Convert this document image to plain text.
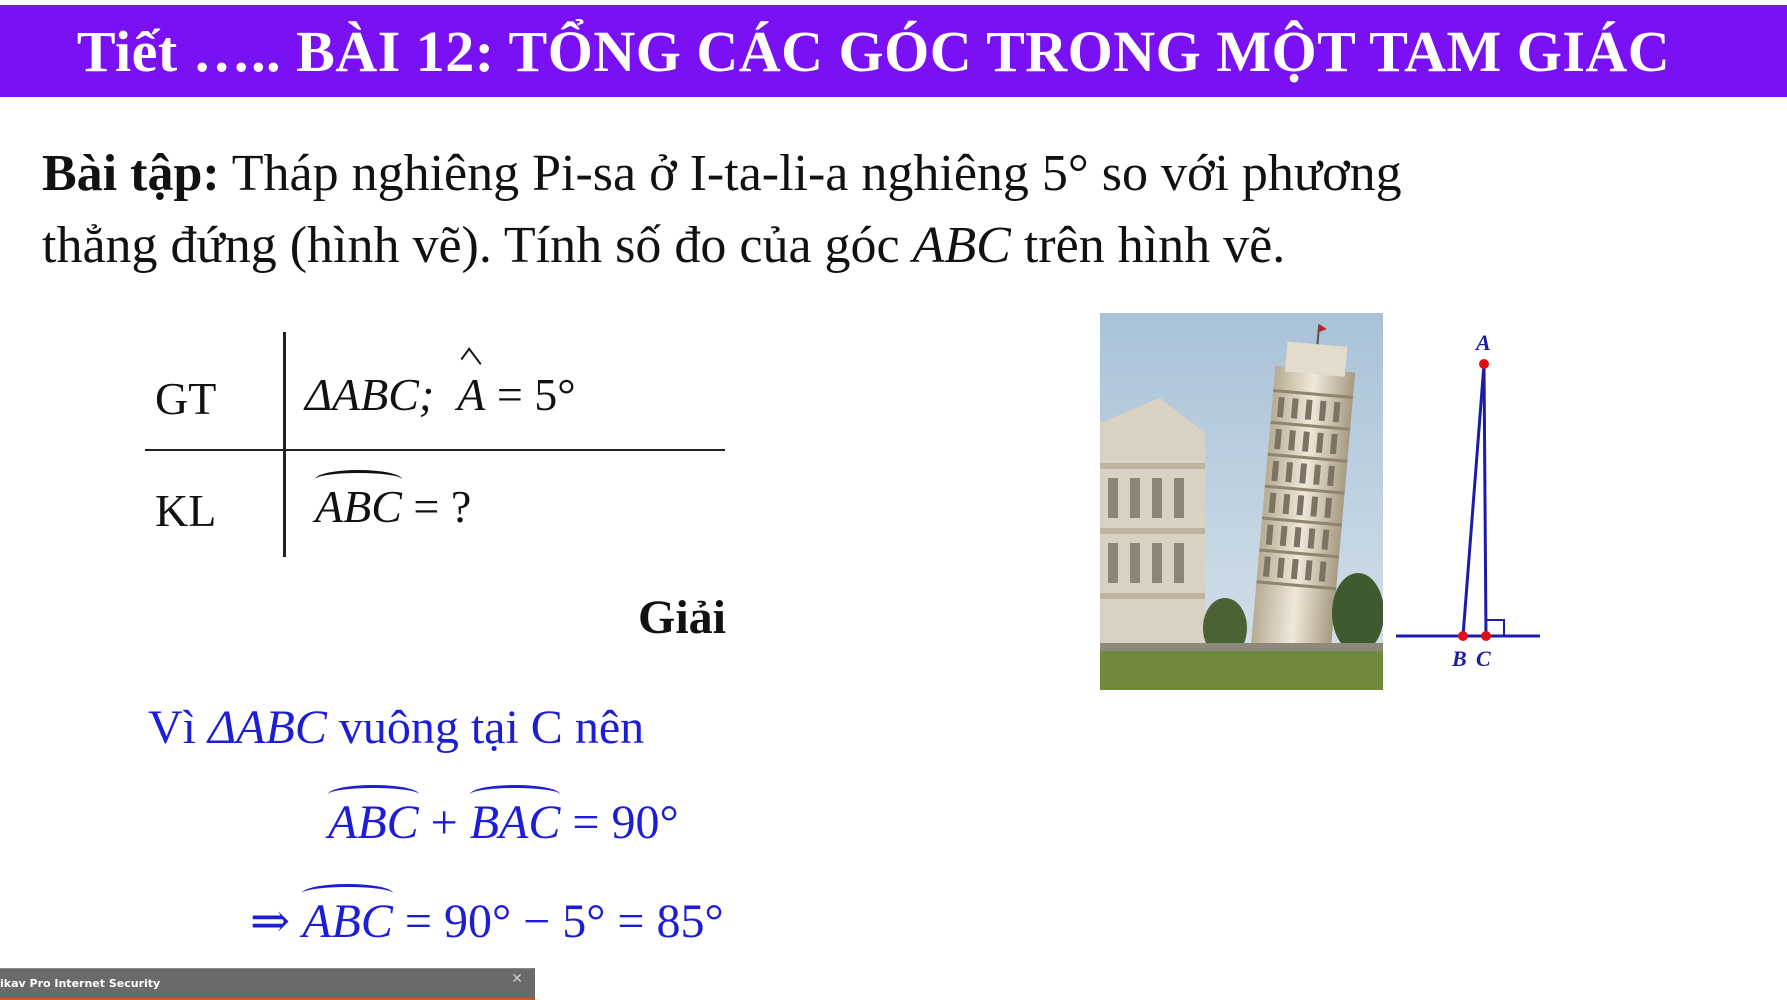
Tiết ….. BÀI 12: TỔNG CÁC GÓC TRONG MỘT TAM GIÁC
Bài tập: Tháp nghiêng Pi-sa ở I-ta-li-a nghiêng 5° so với phương
thẳng đứng (hình vẽ). Tính số đo của góc ABC trên hình vẽ.
GT ΔABC; A = 5°
KL ABC = ?
Giải
Vì ΔABC vuông tại C nên
ABC + BAC = 90°
⇒ ABC = 90° − 5° = 85°
A
B C
ikav Pro Internet Security	✕
